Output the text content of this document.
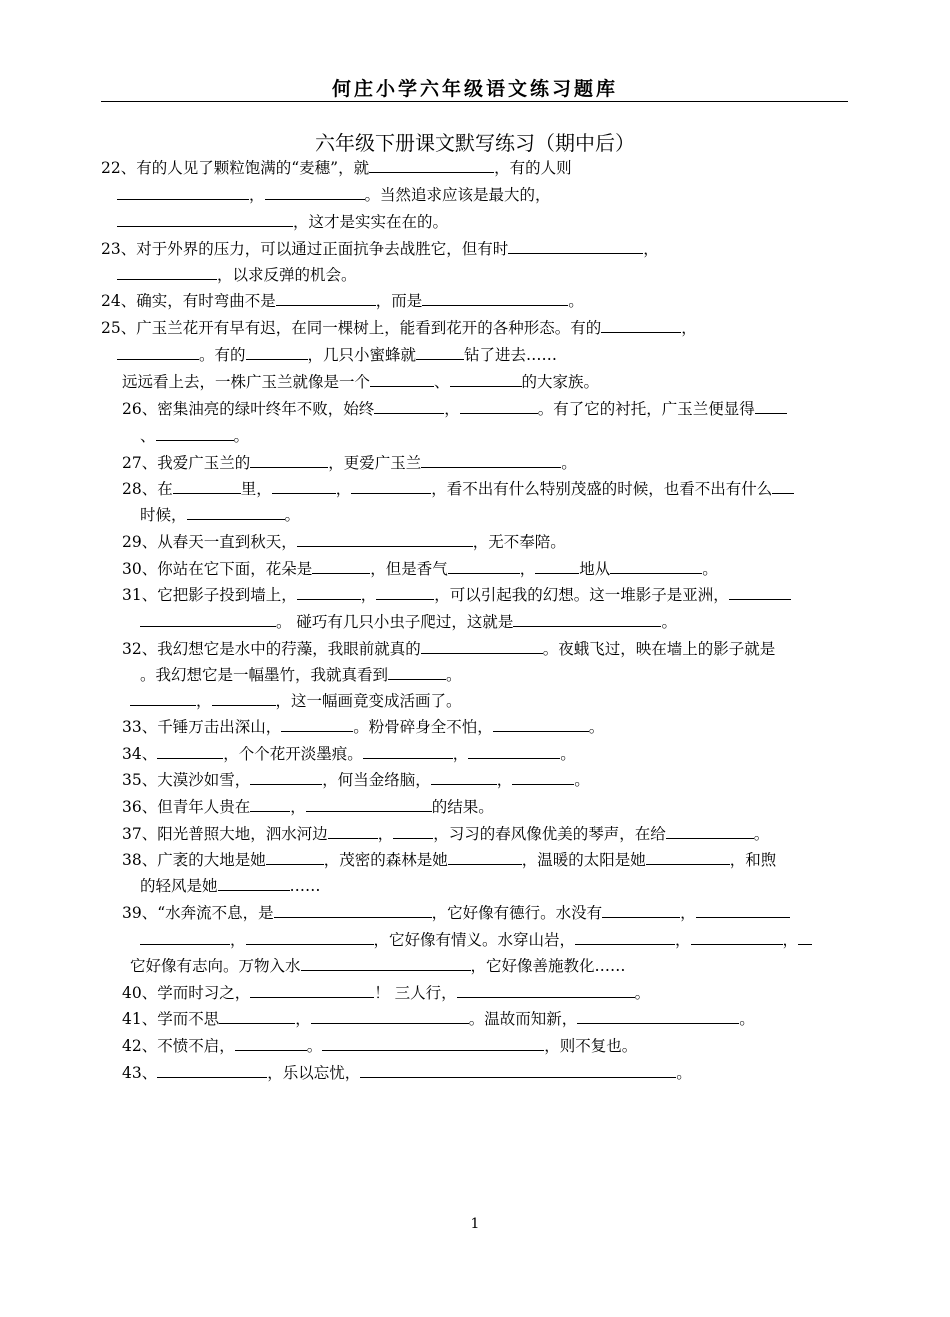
何庄小学六年级语文练习题库
六年级下册课文默写练习（期中后）
22、有的人见了颗粒饱满的“麦穗”，就	，有的人则
，	。当然追求应该是最大的，
，这才是实实在在的。
23、对于外界的压力，可以通过正面抗争去战胜它，但有时	，
，以求反弹的机会。
24、确实，有时弯曲不是	，而是	。
25、广玉兰花开有早有迟，在同一棵树上，能看到花开的各种形态。有的	，
。有的	，几只小蜜蜂就	钻了进去……
远远看上去，一株广玉兰就像是一个	、	的大家族。
26、密集油亮的绿叶终年不败，始终	，	。有了它的衬托，广玉兰便显得
、	。
27、我爱广玉兰的	，更爱广玉兰	。
28、在	里，	，	，看不出有什么特别茂盛的时候，也看不出有什么
时候，	。
29、从春天一直到秋天，	，无不奉陪。
30、你站在它下面，花朵是	，但是香气	，	地从	。
31、它把影子投到墙上，	，	，可以引起我的幻想。这一堆影子是亚洲，
。 碰巧有几只小虫子爬过，这就是	。
32、我幻想它是水中的荇藻，我眼前就真的	。夜蛾飞过，映在墙上的影子就是
。我幻想它是一幅墨竹，我就真看到	。
，	，这一幅画竟变成活画了。
33、千锤万击出深山，	。粉骨碎身全不怕，	。
34、	，个个花开淡墨痕。	，	。
35、大漠沙如雪，	，何当金络脑，	，	。
36、但青年人贵在	，	的结果。
37、阳光普照大地，泗水河边	，	，习习的春风像优美的琴声，在给	。
38、广袤的大地是她	，茂密的森林是她	，温暖的太阳是她	，和煦
的轻风是她	……
39、“水奔流不息，是	，它好像有德行。水没有	，
，	，它好像有情义。水穿山岩，	，	，
它好像有志向。万物入水	，它好像善施教化……
40、学而时习之，	！ 三人行，	。
41、学而不思	，	。温故而知新，	。
42、不愤不启，	。	，则不复也。
43、	，乐以忘忧，	。
1
